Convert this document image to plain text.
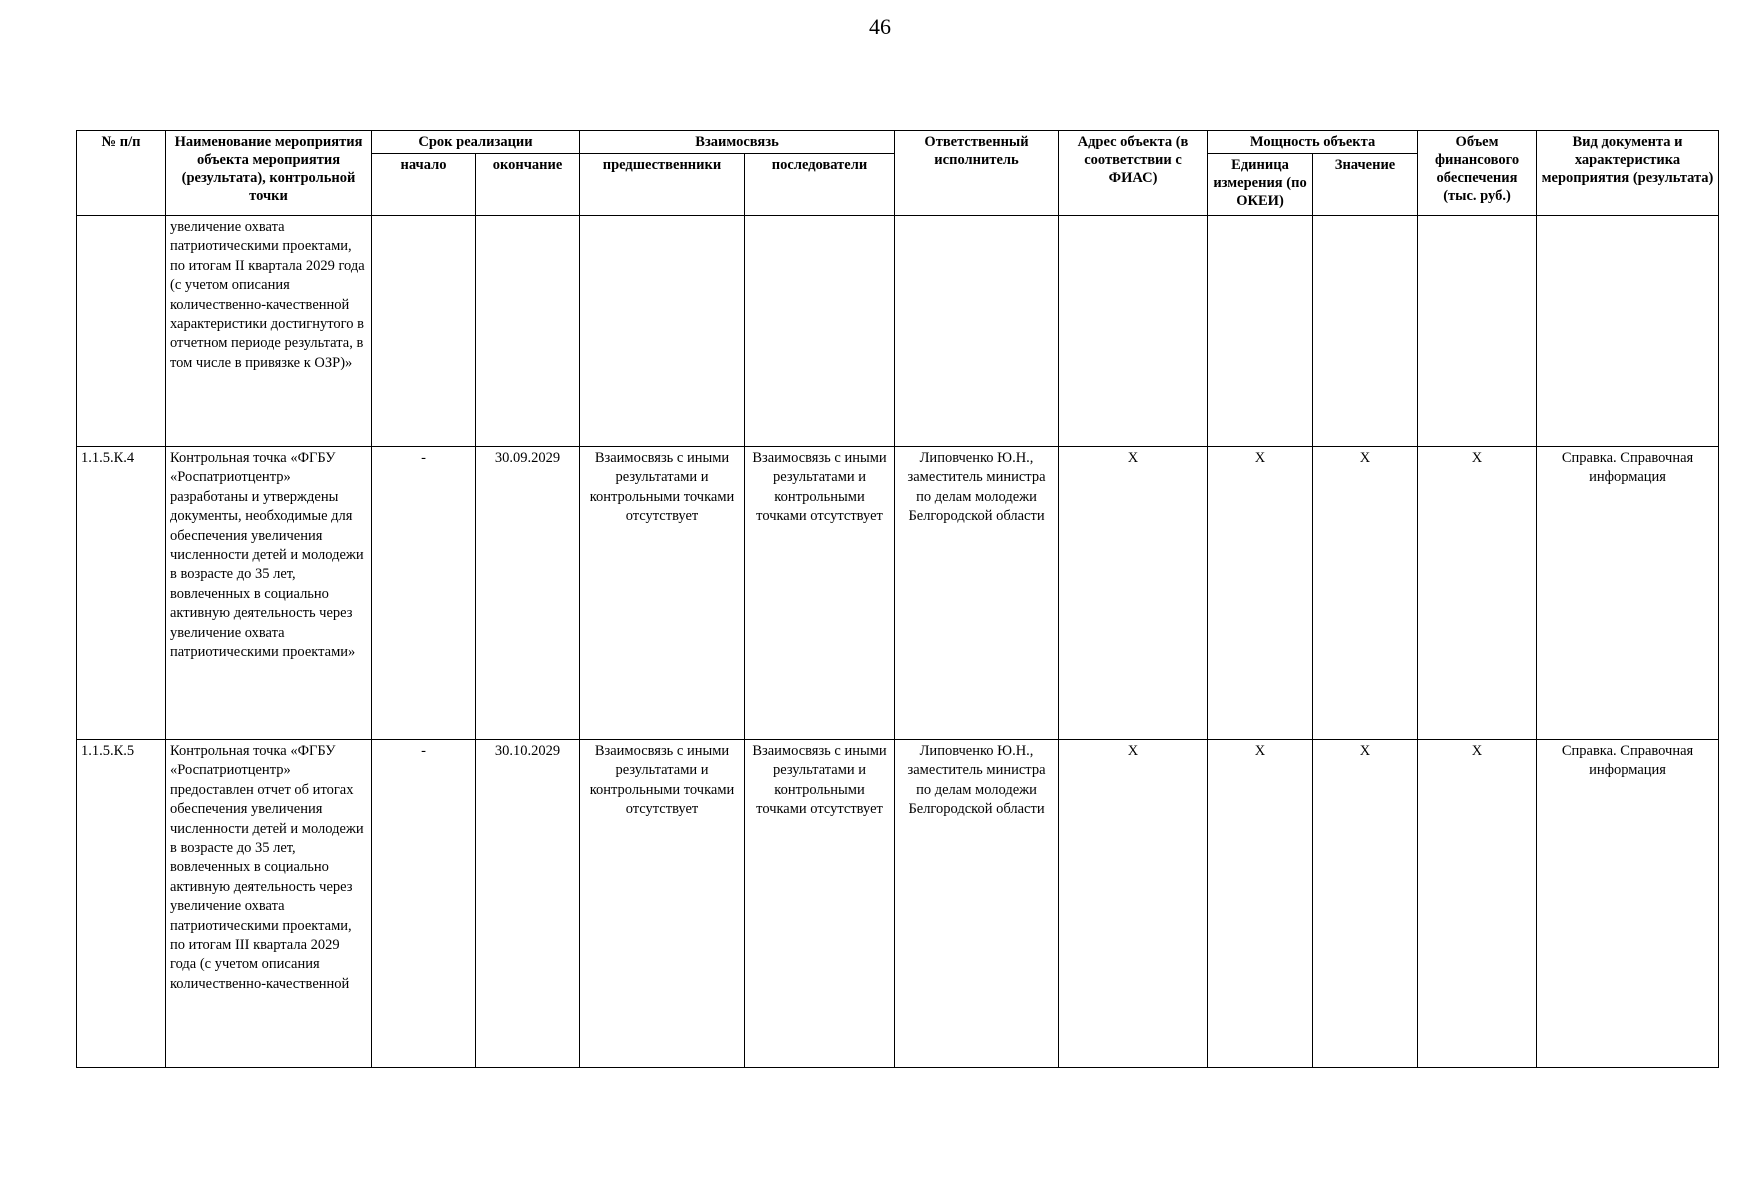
46
№ п/п	Наименование мероприятия объекта мероприятия (результата), контрольной точки	Срок реализации		Взаимосвязь		Ответственный исполнитель	Адрес объекта (в соответствии с ФИАС)	Мощность объекта		Объем финансового обеспечения (тыс. руб.)	Вид документа и характеристика мероприятия (результата)
		начало	окончание	предшественники	последователи			Единица измерения (по ОКЕИ)	Значение		
	увеличение охвата патриотическими проектами, по итогам II квартала 2029 года (с учетом описания количественно-качественной характеристики достигнутого в отчетном периоде результата, в том числе в привязке к ОЗР)»										
1.1.5.К.4	Контрольная точка «ФГБУ «Роспатриотцентр» разработаны и утверждены документы, необходимые для обеспечения увеличения численности детей и молодежи в возрасте до 35 лет, вовлеченных в социально активную деятельность через увеличение охвата патриотическими проектами»	-	30.09.2029	Взаимосвязь с иными результатами и контрольными точками отсутствует	Взаимосвязь с иными результатами и контрольными точками отсутствует	Липовченко Ю.Н., заместитель министра по делам молодежи Белгородской области	Х	Х	Х	Х	Справка. Справочная информация
1.1.5.К.5	Контрольная точка «ФГБУ «Роспатриотцентр» предоставлен отчет об итогах обеспечения увеличения численности детей и молодежи в возрасте до 35 лет, вовлеченных в социально активную деятельность через увеличение охвата патриотическими проектами, по итогам III квартала 2029 года (с учетом описания количественно-качественной	-	30.10.2029	Взаимосвязь с иными результатами и контрольными точками отсутствует	Взаимосвязь с иными результатами и контрольными точками отсутствует	Липовченко Ю.Н., заместитель министра по делам молодежи Белгородской области	Х	Х	Х	Х	Справка. Справочная информация
